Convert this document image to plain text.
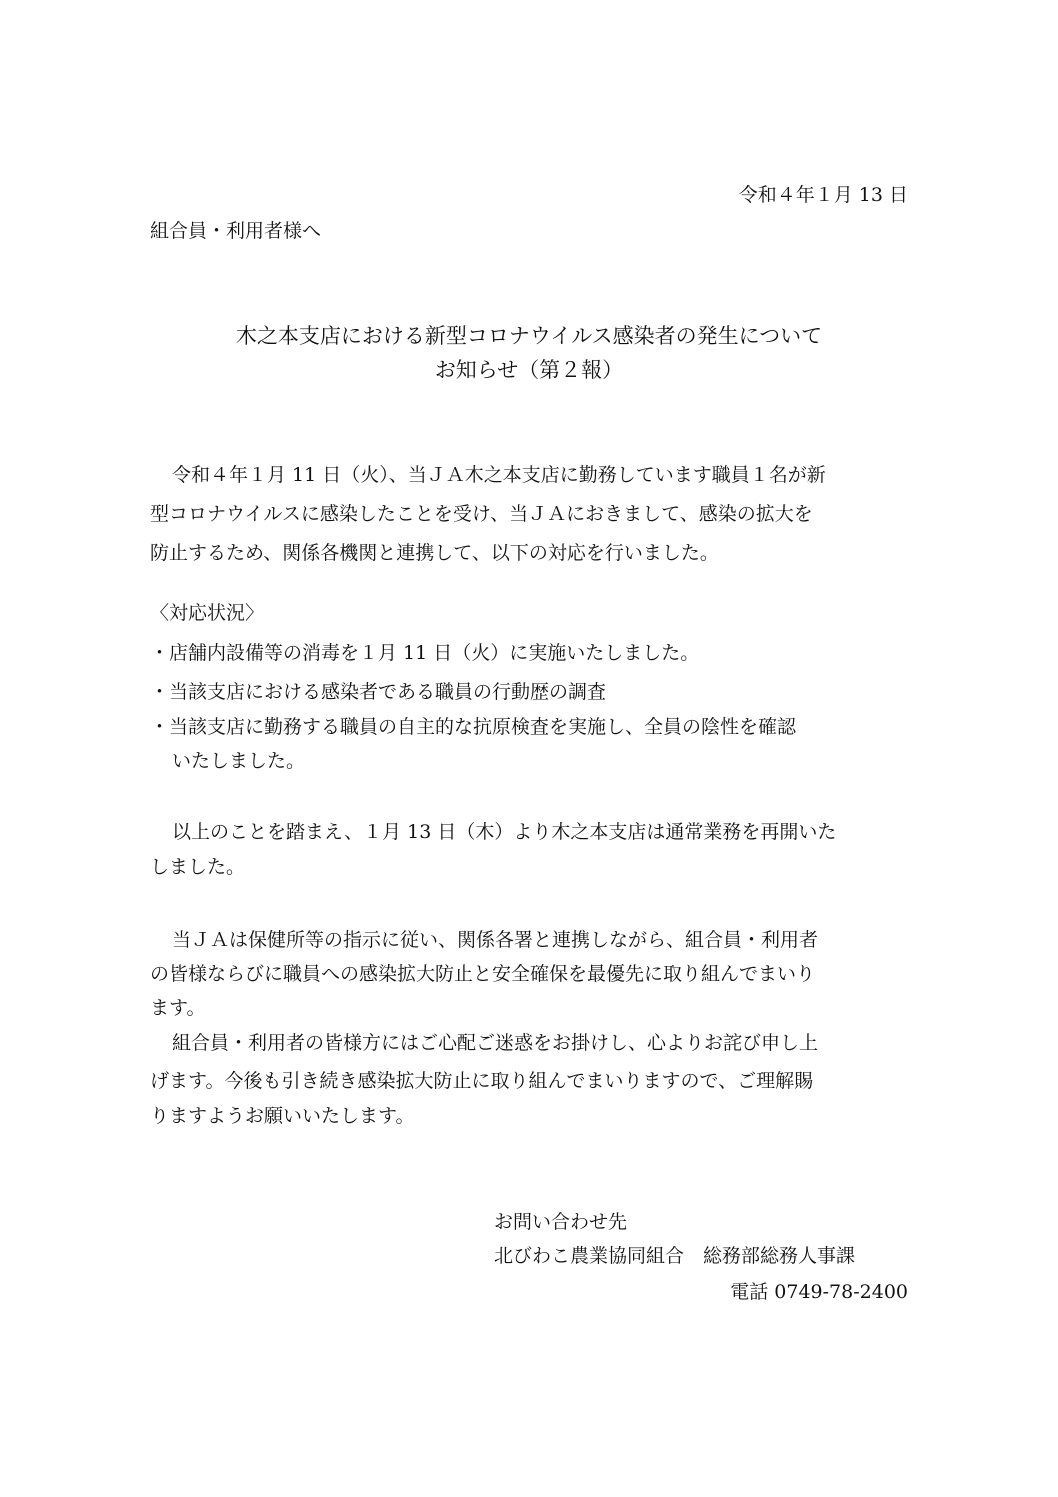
令和４年１月 13 日
組合員・利用者様へ
木之本支店における新型コロナウイルス感染者の発生について
お知らせ（第２報）
令和４年１月 11 日（火）、当ＪＡ木之本支店に勤務しています職員１名が新
型コロナウイルスに感染したことを受け、当ＪＡにおきまして、感染の拡大を
防止するため、関係各機関と連携して、以下の対応を行いました。
〈対応状況〉
・店舗内設備等の消毒を１月 11 日（火）に実施いたしました。
・当該支店における感染者である職員の行動歴の調査
・当該支店に勤務する職員の自主的な抗原検査を実施し、全員の陰性を確認
いたしました。
以上のことを踏まえ、１月 13 日（木）より木之本支店は通常業務を再開いた
しました。
当ＪＡは保健所等の指示に従い、関係各署と連携しながら、組合員・利用者
の皆様ならびに職員への感染拡大防止と安全確保を最優先に取り組んでまいり
ます。
組合員・利用者の皆様方にはご心配ご迷惑をお掛けし、心よりお詫び申し上
げます。今後も引き続き感染拡大防止に取り組んでまいりますので、ご理解賜
りますようお願いいたします。
お問い合わせ先
北びわこ農業協同組合　総務部総務人事課
電話 0749-78-2400
